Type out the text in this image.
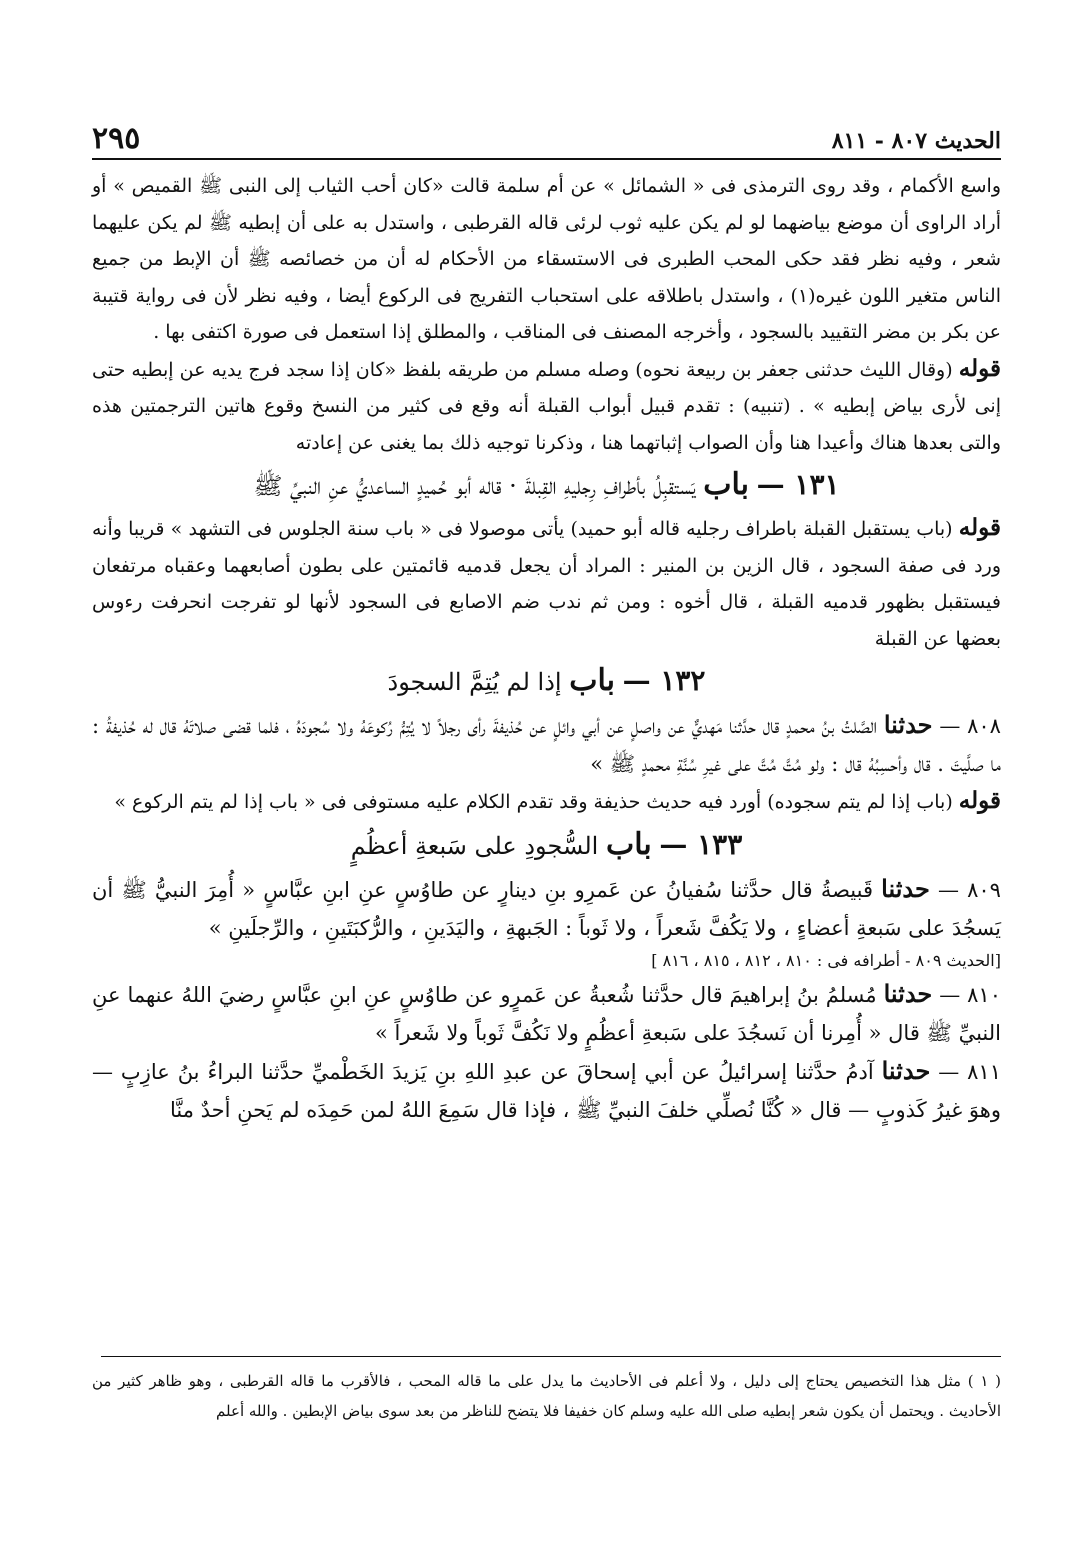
الحديث ٨٠٧ - ٨١١
٢٩٥

واسع الأكمام ، وقد روى الترمذى فى « الشمائل » عن أم سلمة قالت «كان أحب الثياب إلى النبى ﷺ القميص » أو أراد الراوى أن موضع بياضهما لو لم يكن عليه ثوب لرئى قاله القرطبى ، واستدل به على أن إبطيه ﷺ لم يكن عليهما شعر ، وفيه نظر فقد حكى المحب الطبرى فى الاستسقاء من الأحكام له أن من خصائصه ﷺ أن الإبط من جميع الناس متغير اللون غيره(١) ، واستدل باطلاقه على استحباب التفريج فى الركوع أيضا ، وفيه نظر لأن فى رواية قتيبة عن بكر بن مضر التقييد بالسجود ، وأخرجه المصنف فى المناقب ، والمطلق إذا استعمل فى صورة اكتفى بها .

قوله (وقال الليث حدثنى جعفر بن ربيعة نحوه) وصله مسلم من طريقه بلفظ «كان إذا سجد فرج يديه عن إبطيه حتى إنى لأرى بياض إبطيه » . (تنبيه) : تقدم قبيل أبواب القبلة أنه وقع فى كثير من النسخ وقوع هاتين الترجمتين هذه والتى بعدها هناك وأعيدا هنا وأن الصواب إثباتهما هنا ، وذكرنا توجيه ذلك بما يغنى عن إعادته

١٣١ — باب يَستقبِلُ بأطرافِ رِجليهِ القِبلةَ · قاله أبو حُميدٍ الساعديُّ عنِ النبيِّ ﷺ

قوله (باب يستقبل القبلة باطراف رجليه قاله أبو حميد) يأتى موصولا فى « باب سنة الجلوس فى التشهد » قريبا وأنه ورد فى صفة السجود ، قال الزين بن المنير : المراد أن يجعل قدميه قائمتين على بطون أصابعهما وعقباه مرتفعان فيستقبل بظهور قدميه القبلة ، قال أخوه : ومن ثم ندب ضم الاصابع فى السجود لأنها لو تفرجت انحرفت رءوس بعضها عن القبلة

١٣٢ — باب إذا لم يُتِمَّ السجودَ

٨٠٨ — حدثنا الصَّلتُ بنُ محمدٍ قال حدَّثنا مَهديٌّ عن واصلٍ عن أبي وائلٍ عن حُذيفةَ رأى رجلاً لا يُتِمُّ رُكوعَهُ ولا سُجودَهُ ، فلما قضى صلاتَهُ قال له حُذيفةُ : ما صلَّيتَ . قال وأحسِبُهُ قال : ولو مُتَّ مُتَّ على غيرِ سُنَّةِ محمدٍ ﷺ »

قوله (باب إذا لم يتم سجوده) أورد فيه حديث حذيفة وقد تقدم الكلام عليه مستوفى فى « باب إذا لم يتم الركوع »

١٣٣ — باب السُّجودِ على سَبعةِ أعظُمٍ

٨٠٩ — حدثنا قَبيصةُ قال حدَّثنا سُفيانُ عن عَمرِو بنِ دينارٍ عن طاوُسٍ عنِ ابنِ عبَّاسٍ « أُمِرَ النبيُّ ﷺ أن يَسجُدَ على سَبعةِ أعضاءٍ ، ولا يَكُفَّ شَعراً ، ولا ثَوباً : الجَبهةِ ، واليَدَينِ ، والرُّكبَتَينِ ، والرِّجلَينِ »

[الحديث ٨٠٩ - أطرافه فى : ٨١٠ ، ٨١٢ ، ٨١٥ ، ٨١٦ ]

٨١٠ — حدثنا مُسلمُ بنُ إبراهيمَ قال حدَّثنا شُعبةُ عن عَمرٍو عن طاوُسٍ عنِ ابنِ عبَّاسٍ رضيَ اللهُ عنهما عنِ النبيِّ ﷺ قال « أُمِرنا أن نَسجُدَ على سَبعةِ أعظُمٍ ولا نَكُفَّ ثَوباً ولا شَعراً »

٨١١ — حدثنا آدمُ حدَّثنا إسرائيلُ عن أبي إسحاقَ عن عبدِ اللهِ بنِ يَزيدَ الخَطْميِّ حدَّثنا البراءُ بنُ عازِبٍ — وهوَ غيرُ كَذوبٍ — قال « كُنَّا نُصلِّي خلفَ النبيِّ ﷺ ، فإذا قال سَمِعَ اللهُ لمن حَمِدَه لم يَحنِ أحدٌ منَّا

( ١ ) مثل هذا التخصيص يحتاج إلى دليل ، ولا أعلم فى الأحاديث ما يدل على ما قاله المحب ، فالأقرب ما قاله القرطبى ، وهو ظاهر كثير من الأحاديث . ويحتمل أن يكون شعر إبطيه صلى الله عليه وسلم كان خفيفا فلا يتضح للناظر من بعد سوى بياض الإبطين . والله أعلم
